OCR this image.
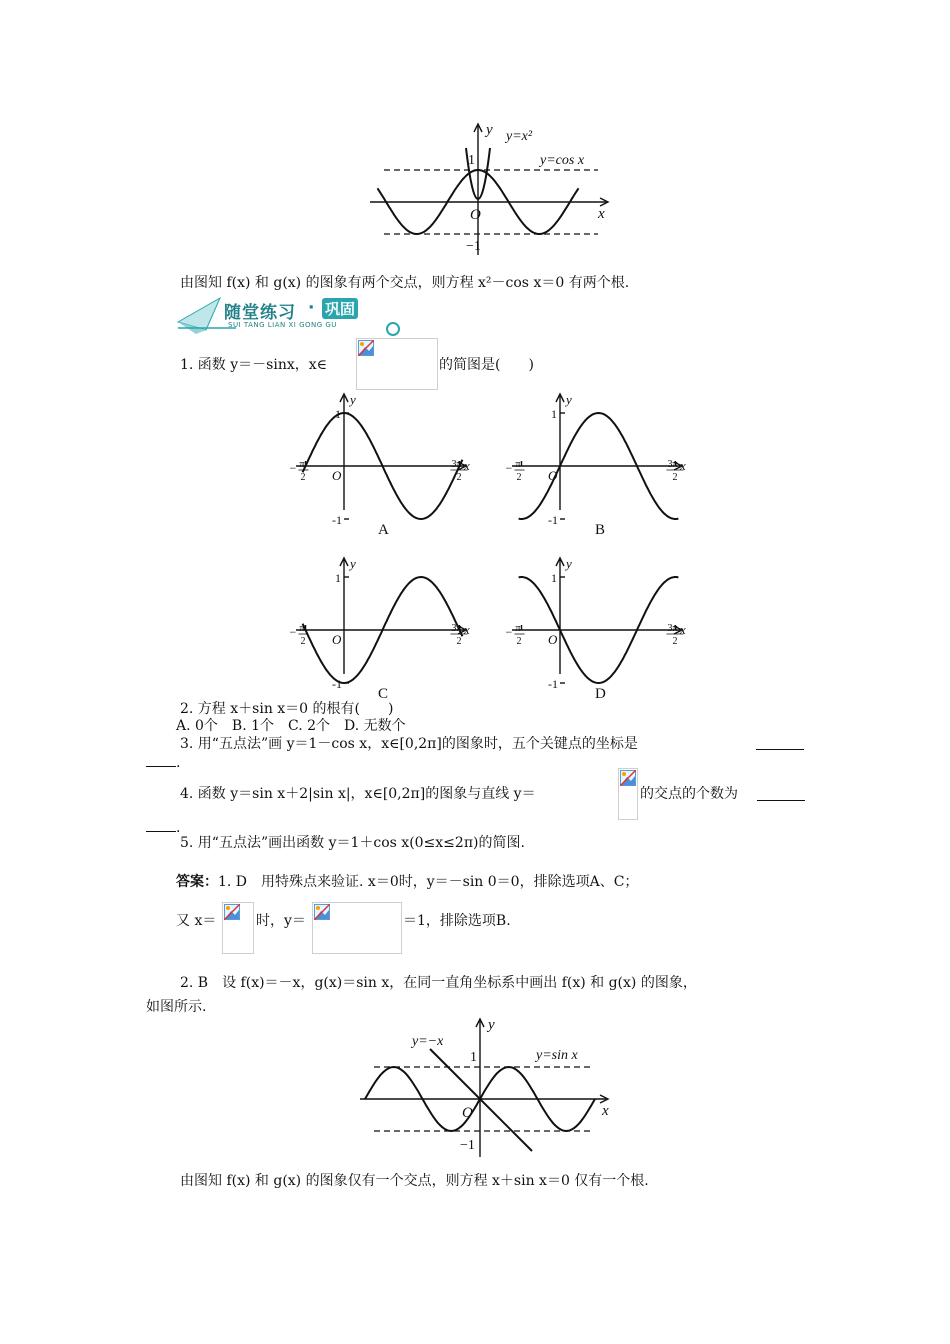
y y=x²
y=cos x
1
−1
O	x
由图知 f(x) 和 g(x) 的图象有两个交点，则方程 x²－cos x＝0 有两个根.
随堂练习 · 巩固
SUI TANG LIAN XI GONG GU
1. 函数 y＝－sinx，x∈	的简图是(　　)
y
x
1
-1
O
− π
2
3π
2
y
x
1
-1
O
− π
2
3π
2
y
x
1
-1
O
− π
2
3π
2
y
x
1
-1
O
− π
2
3π
2
A	B
C	D
2. 方程 x＋sin x＝0 的根有(　　)
A. 0个　B. 1个　C. 2个　D. 无数个
3. 用“五点法”画 y＝1－cos x，x∈[0,2π]的图象时，五个关键点的坐标是
.
4. 函数 y＝sin x＋2|sin x|，x∈[0,2π]的图象与直线 y＝	的交点的个数为
.
5. 用“五点法”画出函数 y＝1＋cos x(0≤x≤2π)的简图.
答案：1. D　用特殊点来验证. x＝0时，y＝－sin 0＝0，排除选项A、C；
又 x＝	时，y＝	＝1，排除选项B.
2. B　设 f(x)＝－x，g(x)＝sin x，在同一直角坐标系中画出 f(x) 和 g(x) 的图象，
如图所示.
y
y=−x
y=sin x
1
−1
O	x
由图知 f(x) 和 g(x) 的图象仅有一个交点，则方程 x＋sin x＝0 仅有一个根.
